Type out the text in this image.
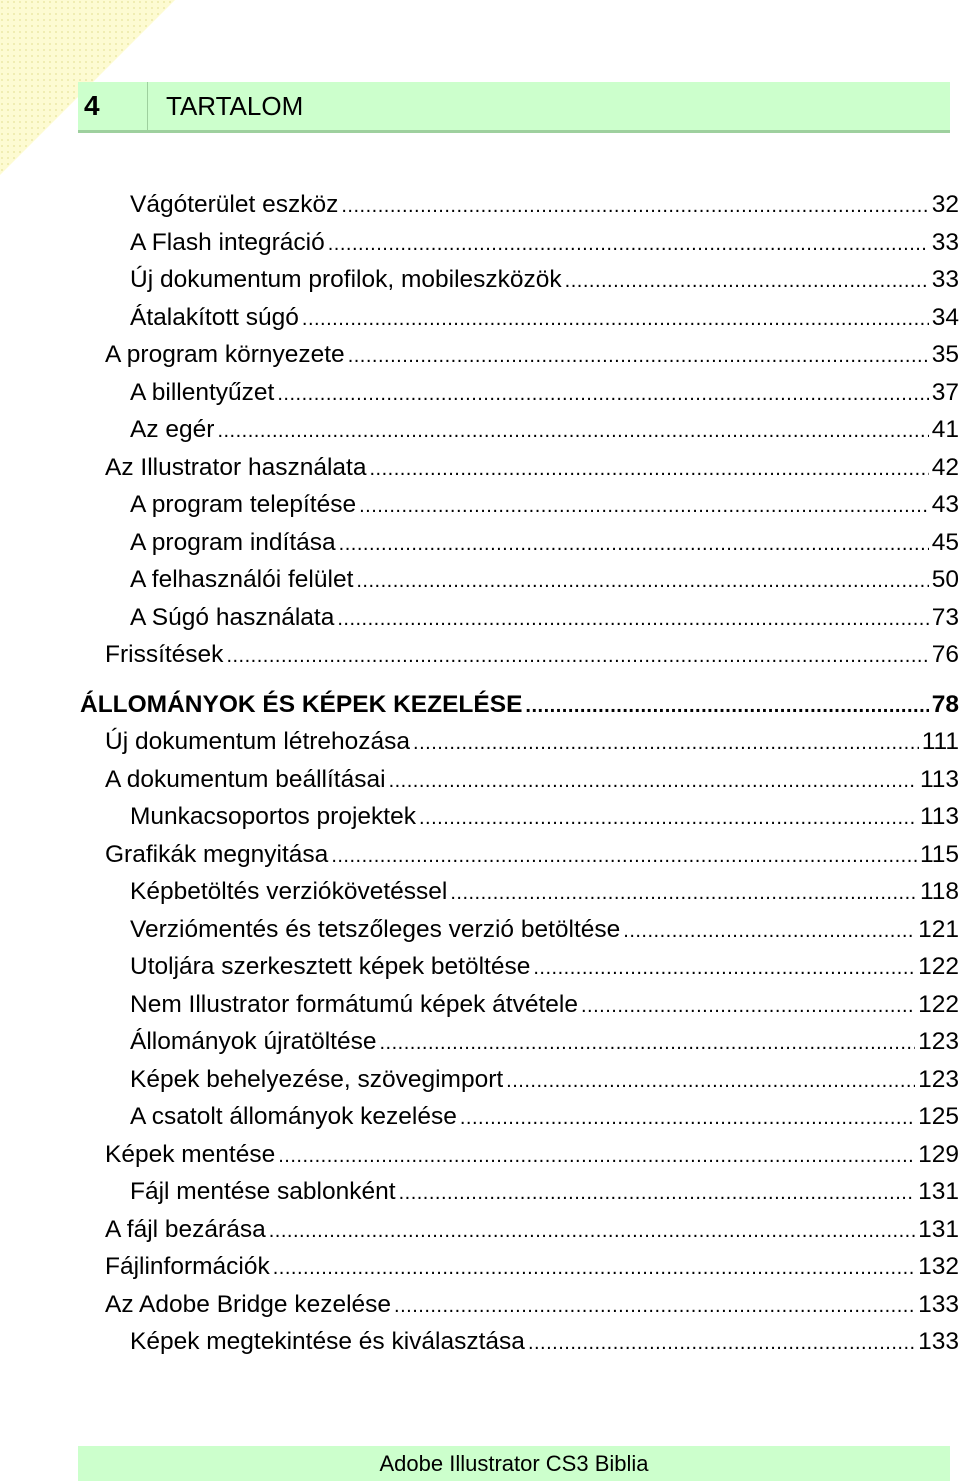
4	TARTALOM
Vágóterület eszköz .....	32
A Flash integráció .....	33
Új dokumentum profilok, mobileszközök .....	33
Átalakított súgó .....	34
A program környezete .....	35
A billentyűzet .....	37
Az egér .....	41
Az Illustrator használata .....	42
A program telepítése .....	43
A program indítása .....	45
A felhasználói felület .....	50
A Súgó használata .....	73
Frissítések .....	76
ÁLLOMÁNYOK ÉS KÉPEK KEZELÉSE .....	78
Új dokumentum létrehozása .....	111
A dokumentum beállításai .....	113
Munkacsoportos projektek .....	113
Grafikák megnyitása .....	115
Képbetöltés verziókövetéssel .....	118
Verziómentés és tetszőleges verzió betöltése .....	121
Utoljára szerkesztett képek betöltése .....	122
Nem Illustrator formátumú képek átvétele .....	122
Állományok újratöltése .....	123
Képek behelyezése, szövegimport .....	123
A csatolt állományok kezelése .....	125
Képek mentése .....	129
Fájl mentése sablonként .....	131
A fájl bezárása .....	131
Fájlinformációk .....	132
Az Adobe Bridge kezelése .....	133
Képek megtekintése és kiválasztása .....	133
Adobe Illustrator CS3 Biblia
